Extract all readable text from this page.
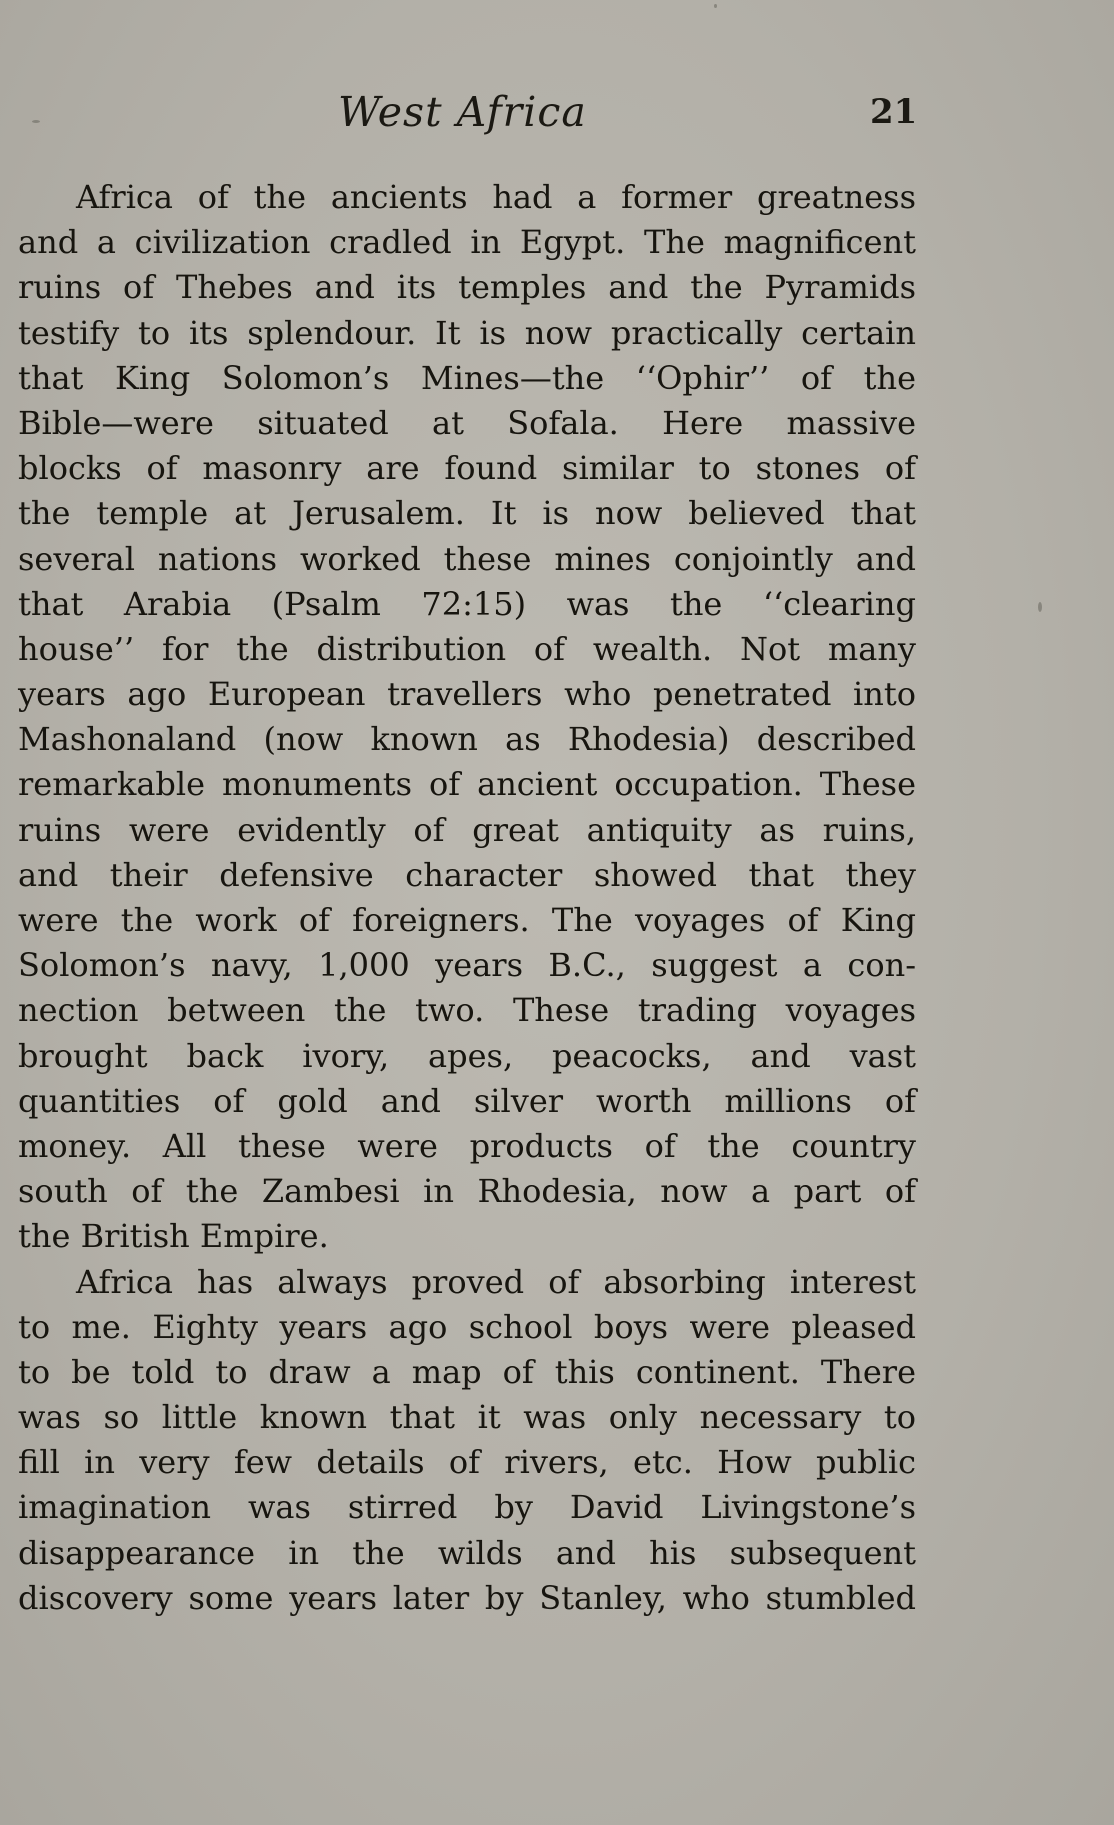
West Africa	21
Africa of the ancients had a former greatness
and a civilization cradled in Egypt. The magnificent
ruins of Thebes and its temples and the Pyramids
testify to its splendour. It is now practically certain
that King Solomon’s Mines—the ‘‘Ophir’’ of the
Bible—were situated at Sofala. Here massive
blocks of masonry are found similar to stones of
the temple at Jerusalem. It is now believed that
several nations worked these mines conjointly and
that Arabia (Psalm 72:15) was the ‘‘clearing
house’’ for the distribution of wealth. Not many
years ago European travellers who penetrated into
Mashonaland (now known as Rhodesia) described
remarkable monuments of ancient occupation. These
ruins were evidently of great antiquity as ruins,
and their defensive character showed that they
were the work of foreigners. The voyages of King
Solomon’s navy, 1,000 years B.C., suggest a con-
nection between the two. These trading voyages
brought back ivory, apes, peacocks, and vast
quantities of gold and silver worth millions of
money. All these were products of the country
south of the Zambesi in Rhodesia, now a part of
the British Empire.
Africa has always proved of absorbing interest
to me. Eighty years ago school boys were pleased
to be told to draw a map of this continent. There
was so little known that it was only necessary to
fill in very few details of rivers, etc. How public
imagination was stirred by David Livingstone’s
disappearance in the wilds and his subsequent
discovery some years later by Stanley, who stumbled
